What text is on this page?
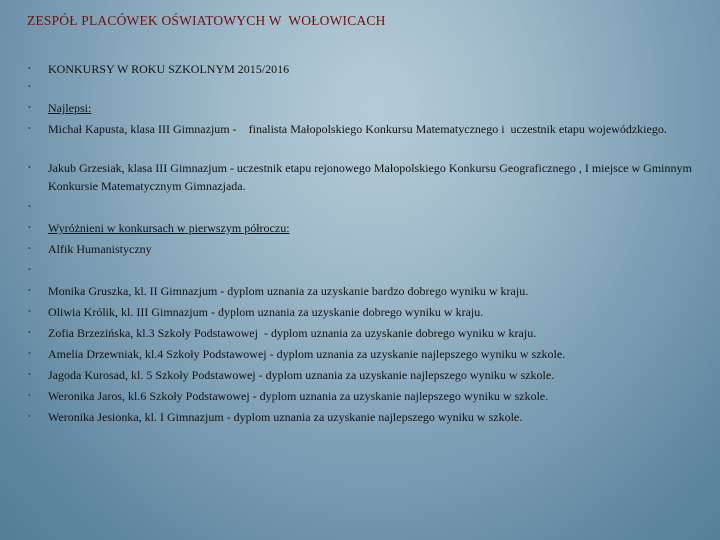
ZESPÓŁ PLACÓWEK OŚWIATOWYCH W  WOŁOWICACH
•	KONKURSY W ROKU SZKOLNYM 2015/2016
•
•	Najlepsi:
•	Michał Kapusta, klasa III Gimnazjum -    finalista Małopolskiego Konkursu Matematycznego i  uczestnik etapu wojewódzkiego.
•	Jakub Grzesiak, klasa III Gimnazjum - uczestnik etapu rejonowego Małopolskiego Konkursu Geograficznego , I miejsce w Gminnym Konkursie Matematycznym Gimnazjada.
•
•	Wyróżnieni w konkursach w pierwszym półroczu:
•	Alfik Humanistyczny
•
•	Monika Gruszka, kl. II Gimnazjum - dyplom uznania za uzyskanie bardzo dobrego wyniku w kraju.
•	Oliwia Królik, kl. III Gimnazjum - dyplom uznania za uzyskanie dobrego wyniku w kraju.
•	Zofia Brzezińska, kl.3 Szkoły Podstawowej  - dyplom uznania za uzyskanie dobrego wyniku w kraju.
•	Amelia Drzewniak, kl.4 Szkoły Podstawowej - dyplom uznania za uzyskanie najlepszego wyniku w szkole.
•	Jagoda Kurosad, kl. 5 Szkoły Podstawowej - dyplom uznania za uzyskanie najlepszego wyniku w szkole.
•	Weronika Jaros, kl.6 Szkoły Podstawowej - dyplom uznania za uzyskanie najlepszego wyniku w szkole.
•	Weronika Jesionka, kl. I Gimnazjum - dyplom uznania za uzyskanie najlepszego wyniku w szkole.
